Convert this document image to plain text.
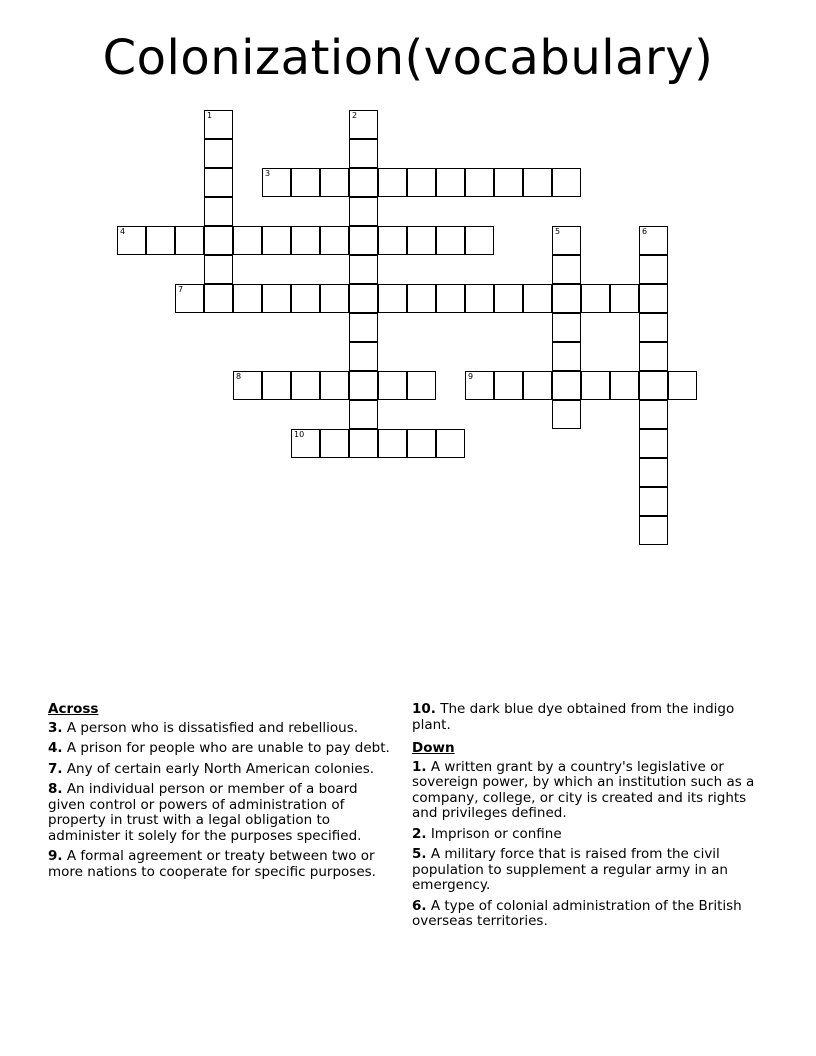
Colonization(vocabulary)
1	2
3
4	5	6
7
8	9
10
Across
3. A person who is dissatisfied and rebellious.
4. A prison for people who are unable to pay debt.
7. Any of certain early North American colonies.
8. An individual person or member of a board given control or powers of administration of property in trust with a legal obligation to administer it solely for the purposes specified.
9. A formal agreement or treaty between two or more nations to cooperate for specific purposes.
10. The dark blue dye obtained from the indigo plant.
Down
1. A written grant by a country's legislative or sovereign power, by which an institution such as a company, college, or city is created and its rights and privileges defined.
2. Imprison or confine
5. A military force that is raised from the civil population to supplement a regular army in an emergency.
6. A type of colonial administration of the British overseas territories.
